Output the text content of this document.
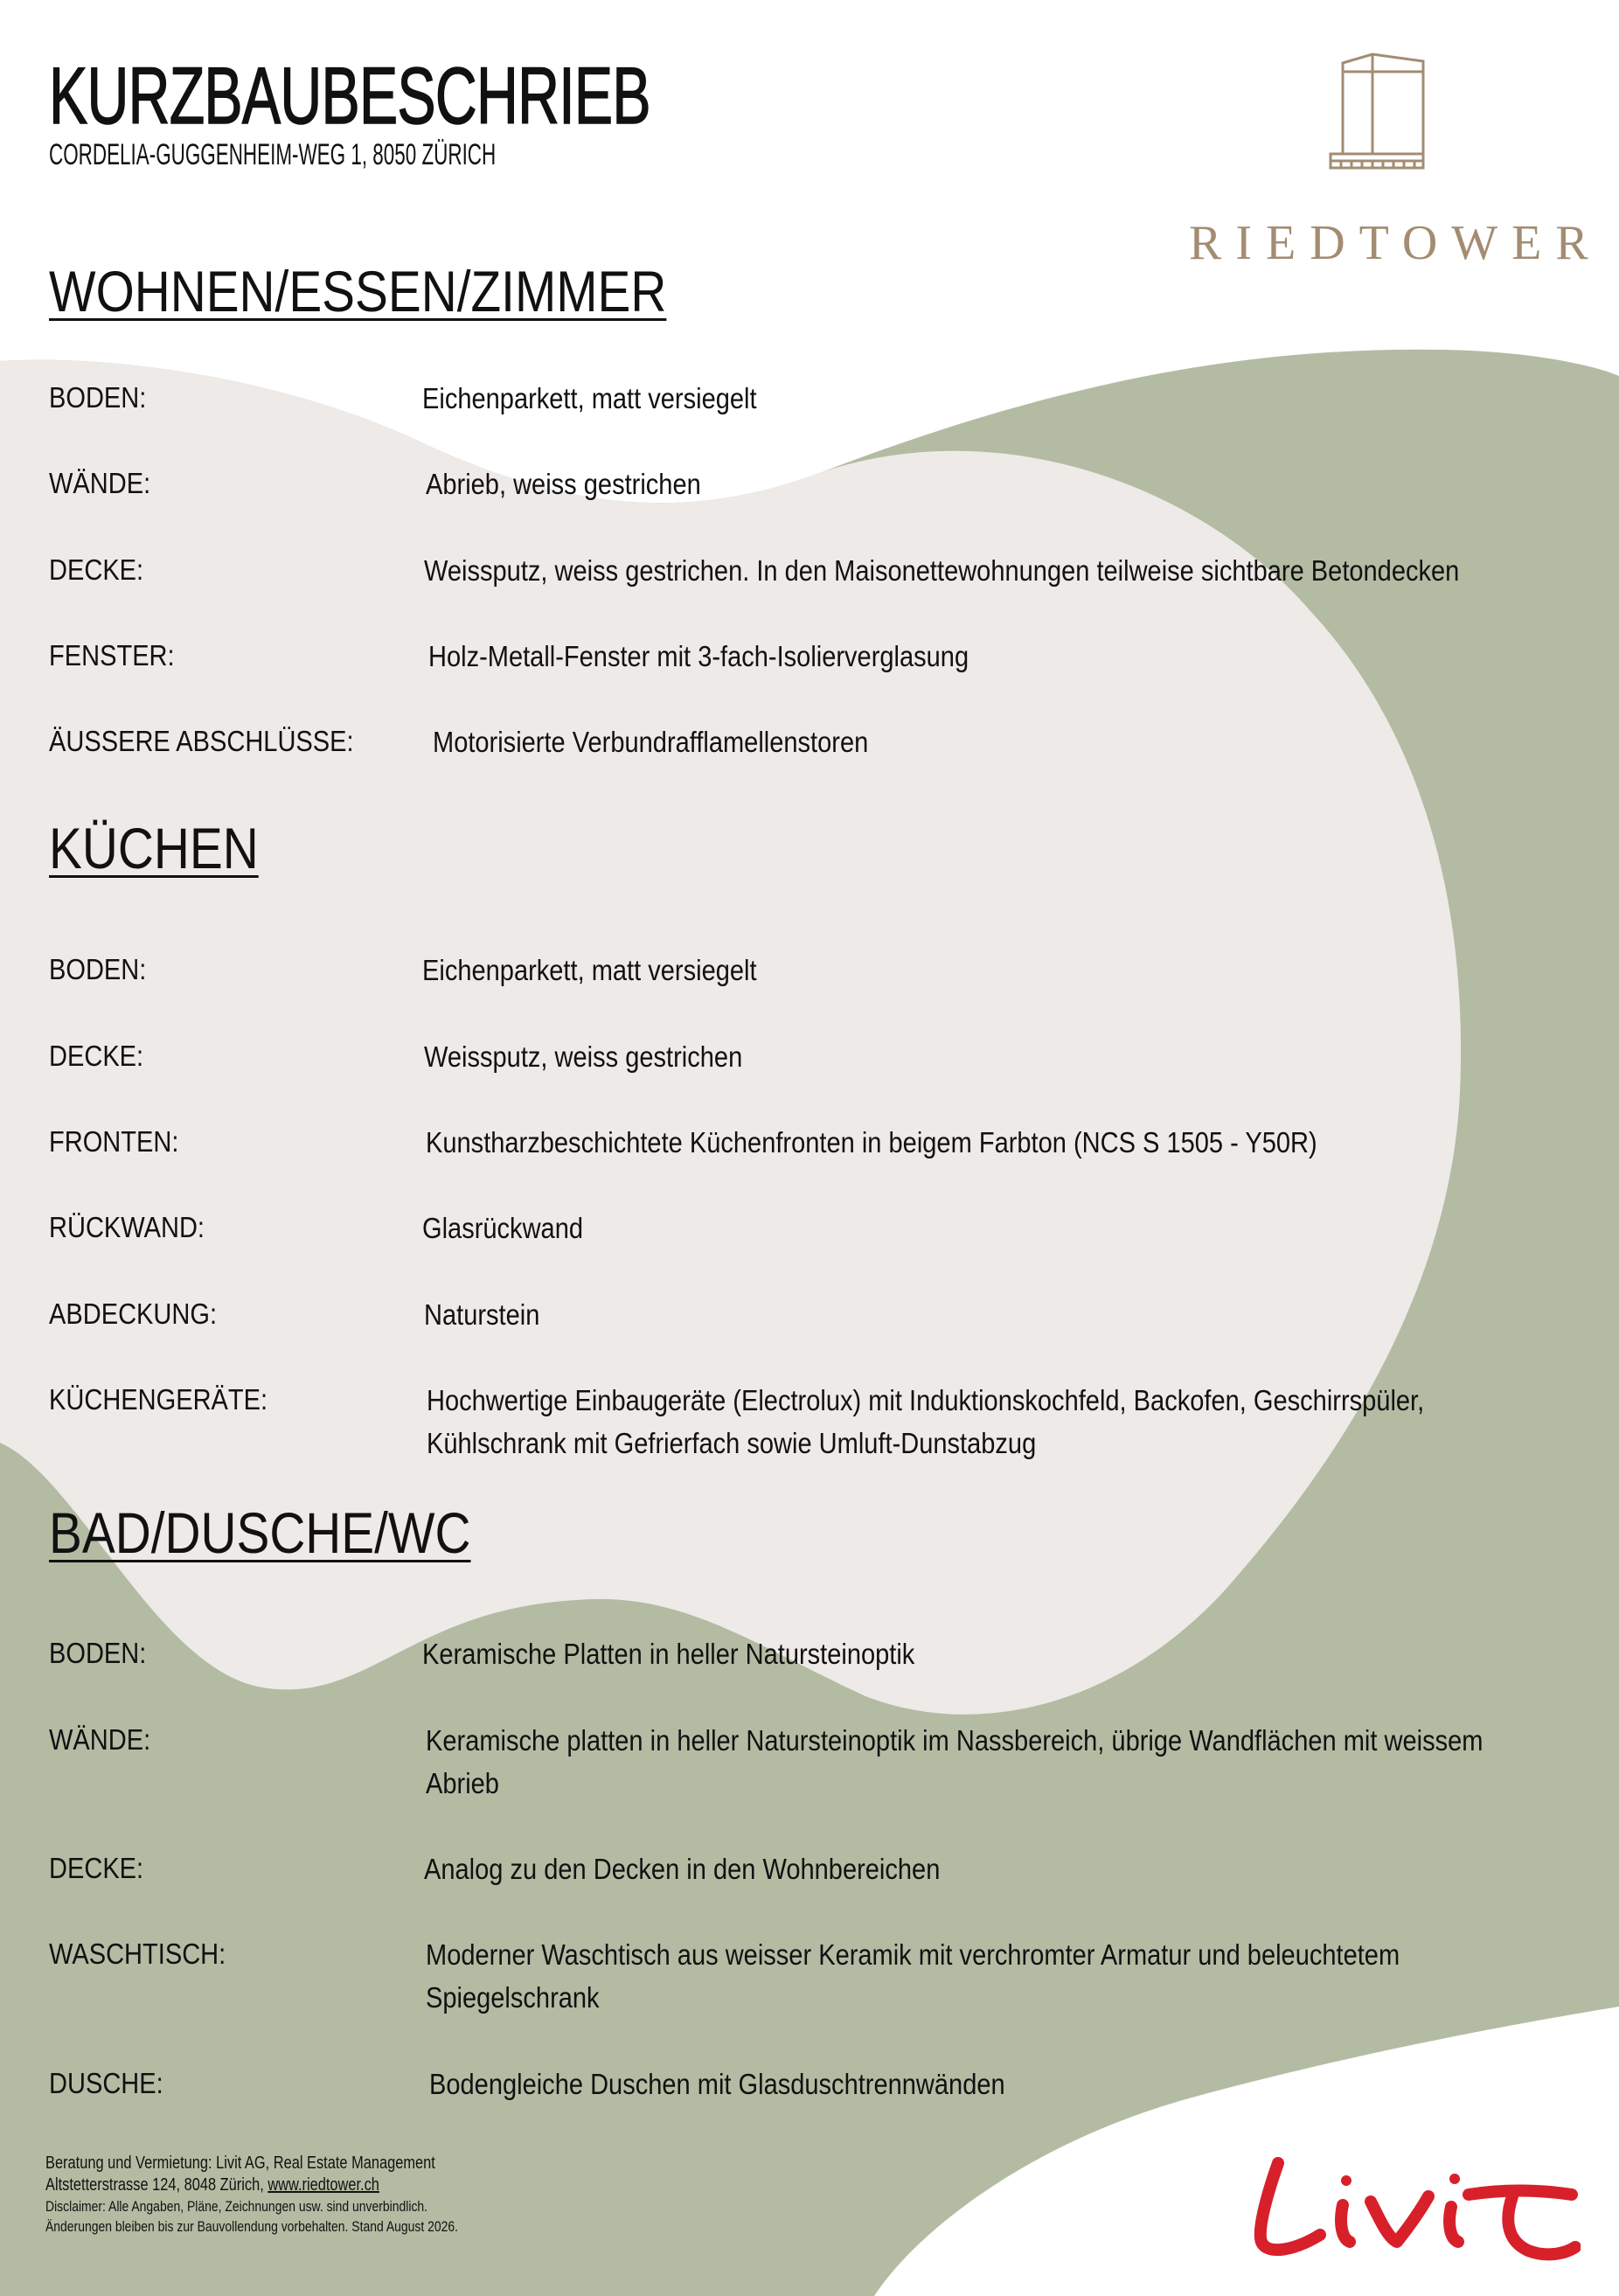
KURZBAUBESCHRIEB
CORDELIA-GUGGENHEIM-WEG 1, 8050 ZÜRICH
RIEDTOWER
WOHNEN/ESSEN/ZIMMER
BODEN:	Eichenparkett, matt versiegelt
WÄNDE:	Abrieb, weiss gestrichen
DECKE:	Weissputz, weiss gestrichen. In den Maisonettewohnungen teilweise sichtbare Betondecken
FENSTER:	Holz-Metall-Fenster mit 3-fach-Isolierverglasung
ÄUSSERE ABSCHLÜSSE:	Motorisierte Verbundrafflamellenstoren
KÜCHEN
BODEN:	Eichenparkett, matt versiegelt
DECKE:	Weissputz, weiss gestrichen
FRONTEN:	Kunstharzbeschichtete Küchenfronten in beigem Farbton (NCS S 1505 - Y50R)
RÜCKWAND:	Glasrückwand
ABDECKUNG:	Naturstein
KÜCHENGERÄTE:	Hochwertige Einbaugeräte (Electrolux) mit Induktionskochfeld, Backofen, Geschirrspüler, Kühlschrank mit Gefrierfach sowie Umluft-Dunstabzug
BAD/DUSCHE/WC
BODEN:	Keramische Platten in heller Natursteinoptik
WÄNDE:	Keramische platten in heller Natursteinoptik im Nassbereich, übrige Wandflächen mit weissem Abrieb
DECKE:	Analog zu den Decken in den Wohnbereichen
WASCHTISCH:	Moderner Waschtisch aus weisser Keramik mit verchromter Armatur und beleuchtetem Spiegelschrank
DUSCHE:	Bodengleiche Duschen mit Glasduschtrennwänden
Beratung und Vermietung: Livit AG, Real Estate Management
Altstetterstrasse 124, 8048 Zürich, www.riedtower.ch
Disclaimer: Alle Angaben, Pläne, Zeichnungen usw. sind unverbindlich.
Änderungen bleiben bis zur Bauvollendung vorbehalten. Stand August 2026.
